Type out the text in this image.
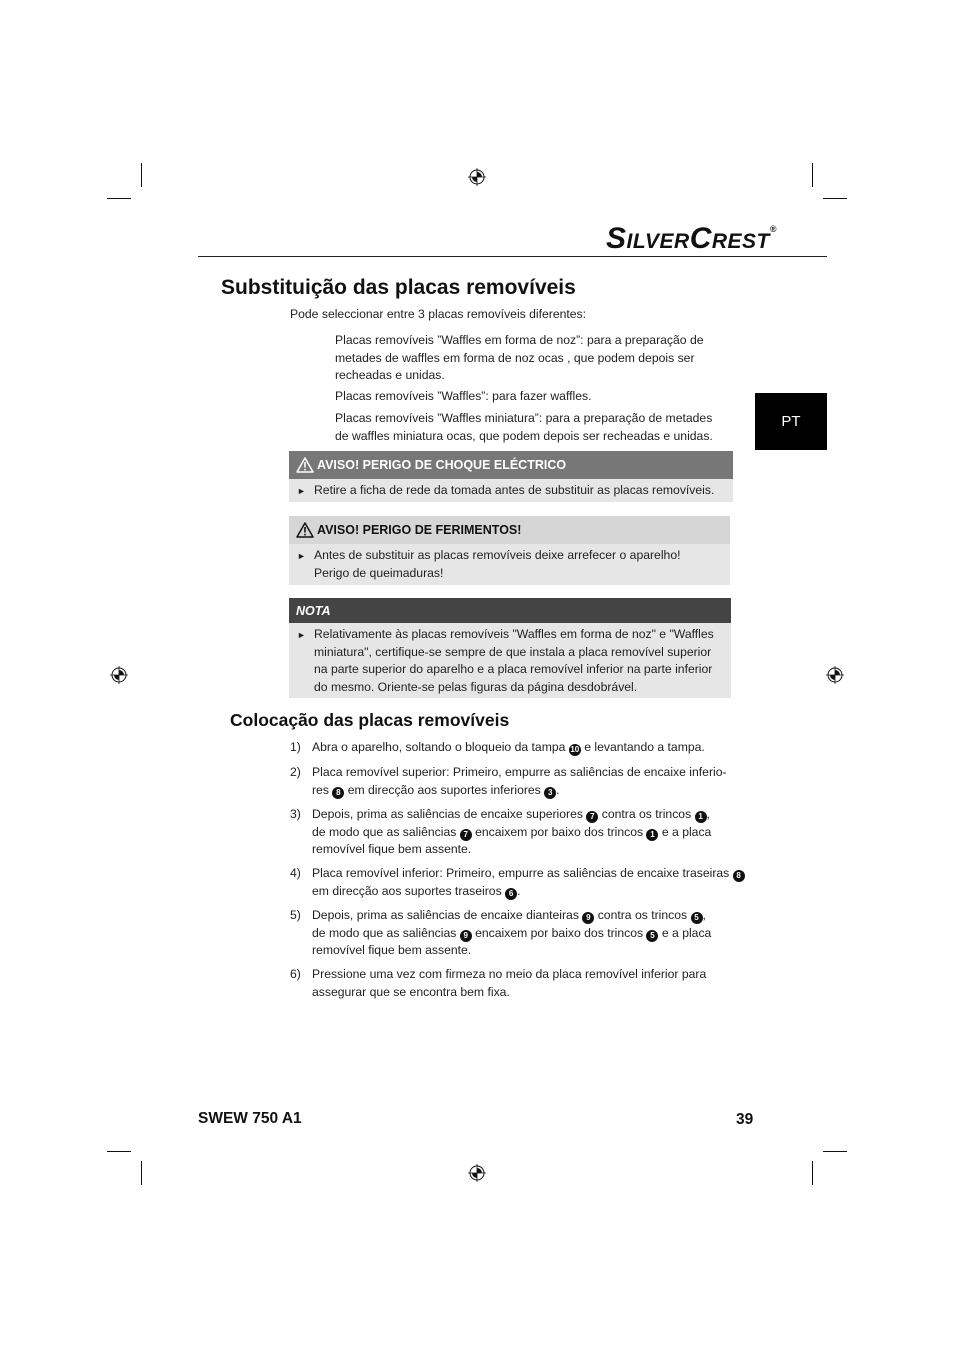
SILVERCREST®
PT
Substituição das placas removíveis
Pode seleccionar entre 3 placas removíveis diferentes:
Placas removíveis ”Waffles em forma de noz”: para a preparação de
metades de waffles em forma de noz ocas , que podem depois ser
recheadas e unidas.
Placas removíveis ”Waffles”: para fazer waffles.
Placas removíveis ”Waffles miniatura”: para a preparação de metades
de waffles miniatura ocas, que podem depois ser recheadas e unidas.
AVISO! PERIGO DE CHOQUE ELÉCTRICO
► Retire a ficha de rede da tomada antes de substituir as placas removíveis.
AVISO! PERIGO DE FERIMENTOS!
► Antes de substituir as placas removíveis deixe arrefecer o aparelho!
Perigo de queimaduras!
NOTA
► Relativamente às placas removíveis "Waffles em forma de noz" e "Waffles
miniatura", certifique-se sempre de que instala a placa removível superior
na parte superior do aparelho e a placa removível inferior na parte inferior
do mesmo. Oriente-se pelas figuras da página desdobrável.
Colocação das placas removíveis
1) Abra o aparelho, soltando o bloqueio da tampa 10 e levantando a tampa.
2) Placa removível superior: Primeiro, empurre as saliências de encaixe inferio-
res 8 em direcção aos suportes inferiores 3 .
3) Depois, prima as saliências de encaixe superiores 7 contra os trincos 1 ,
de modo que as saliências 7 encaixem por baixo dos trincos 1 e a placa
removível fique bem assente.
4) Placa removível inferior: Primeiro, empurre as saliências de encaixe traseiras 8
em direcção aos suportes traseiros 6 .
5) Depois, prima as saliências de encaixe dianteiras 9 contra os trincos 5 ,
de modo que as saliências 9 encaixem por baixo dos trincos 5 e a placa
removível fique bem assente.
6) Pressione uma vez com firmeza no meio da placa removível inferior para
assegurar que se encontra bem fixa.
SWEW 750 A1	39
